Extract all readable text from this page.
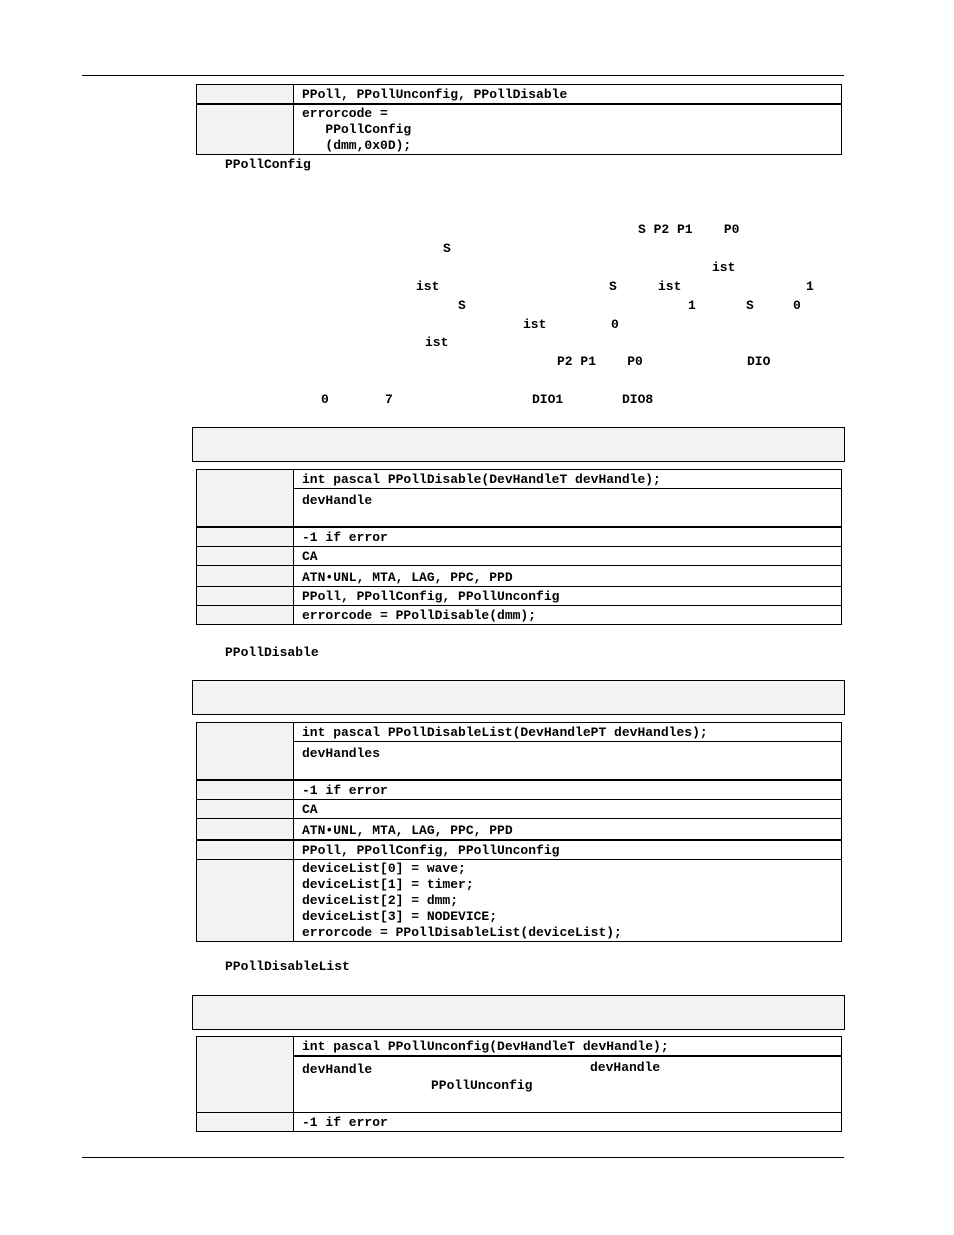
	PPoll, PPollUnconfig, PPollDisable

	errorcode =
PPollConfig
(dmm,0x0D);
PPollConfig
S P2 P1    P0
S
ist
ist	S	ist	1
S	1	S	0
ist	0
ist
P2 P1    P0	DIO
0	7	DIO1	DIO8
	int pascal PPollDisable(DevHandleT devHandle);
	devHandle
	-1 if error
	CA
	ATN•UNL, MTA, LAG, PPC, PPD
	PPoll, PPollConfig, PPollUnconfig
	errorcode = PPollDisable(dmm);
PPollDisable
	int pascal PPollDisableList(DevHandlePT devHandles);
	devHandles
	-1 if error
	CA
	ATN•UNL, MTA, LAG, PPC, PPD
	PPoll, PPollConfig, PPollUnconfig

	deviceList[0] = wave;
deviceList[1] = timer;
deviceList[2] = dmm;
deviceList[3] = NODEVICE;
errorcode = PPollDisableList(deviceList);
PPollDisableList
	int pascal PPollUnconfig(DevHandleT devHandle);
	devHandle devHandle
PPollUnconfig

	-1 if error
